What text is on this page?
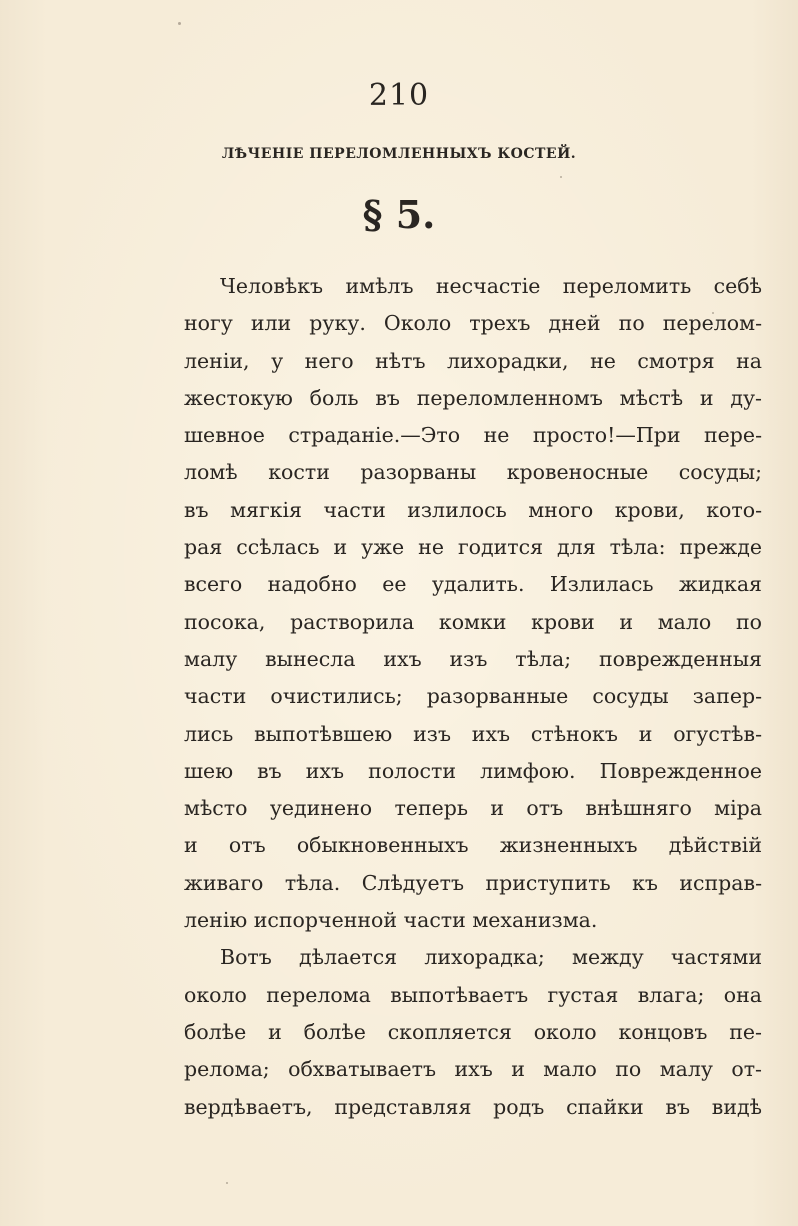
210
ЛѢЧЕНІЕ ПЕРЕЛОМЛЕННЫХЪ КОСТЕЙ.
§ 5.
Человѣкъ имѣлъ несчастіе переломить себѣ
ногу или руку. Около трехъ дней по перелом-
леніи, у него нѣтъ лихорадки, не смотря на
жестокую боль въ переломленномъ мѣстѣ и ду-
шевное страданіе.—Это не просто!—При пере-
ломѣ кости разорваны кровеносные сосуды;
въ мягкія части излилось много крови, кото-
рая ссѣлась и уже не годится для тѣла: прежде
всего надобно ее удалить. Излилась жидкая
посока, растворила комки крови и мало по
малу вынесла ихъ изъ тѣла; поврежденныя
части очистились; разорванные сосуды запер-
лись выпотѣвшею изъ ихъ стѣнокъ и огустѣв-
шею въ ихъ полости лимфою. Поврежденное
мѣсто уединено теперь и отъ внѣшняго міра
и отъ обыкновенныхъ жизненныхъ дѣйствій
живаго тѣла. Слѣдуетъ приступить къ исправ-
ленію испорченной части механизма.
Вотъ дѣлается лихорадка; между частями
около перелома выпотѣваетъ густая влага; она
болѣе и болѣе скопляется около концовъ пе-
релома; обхватываетъ ихъ и мало по малу от-
вердѣваетъ, представляя родъ спайки въ видѣ
